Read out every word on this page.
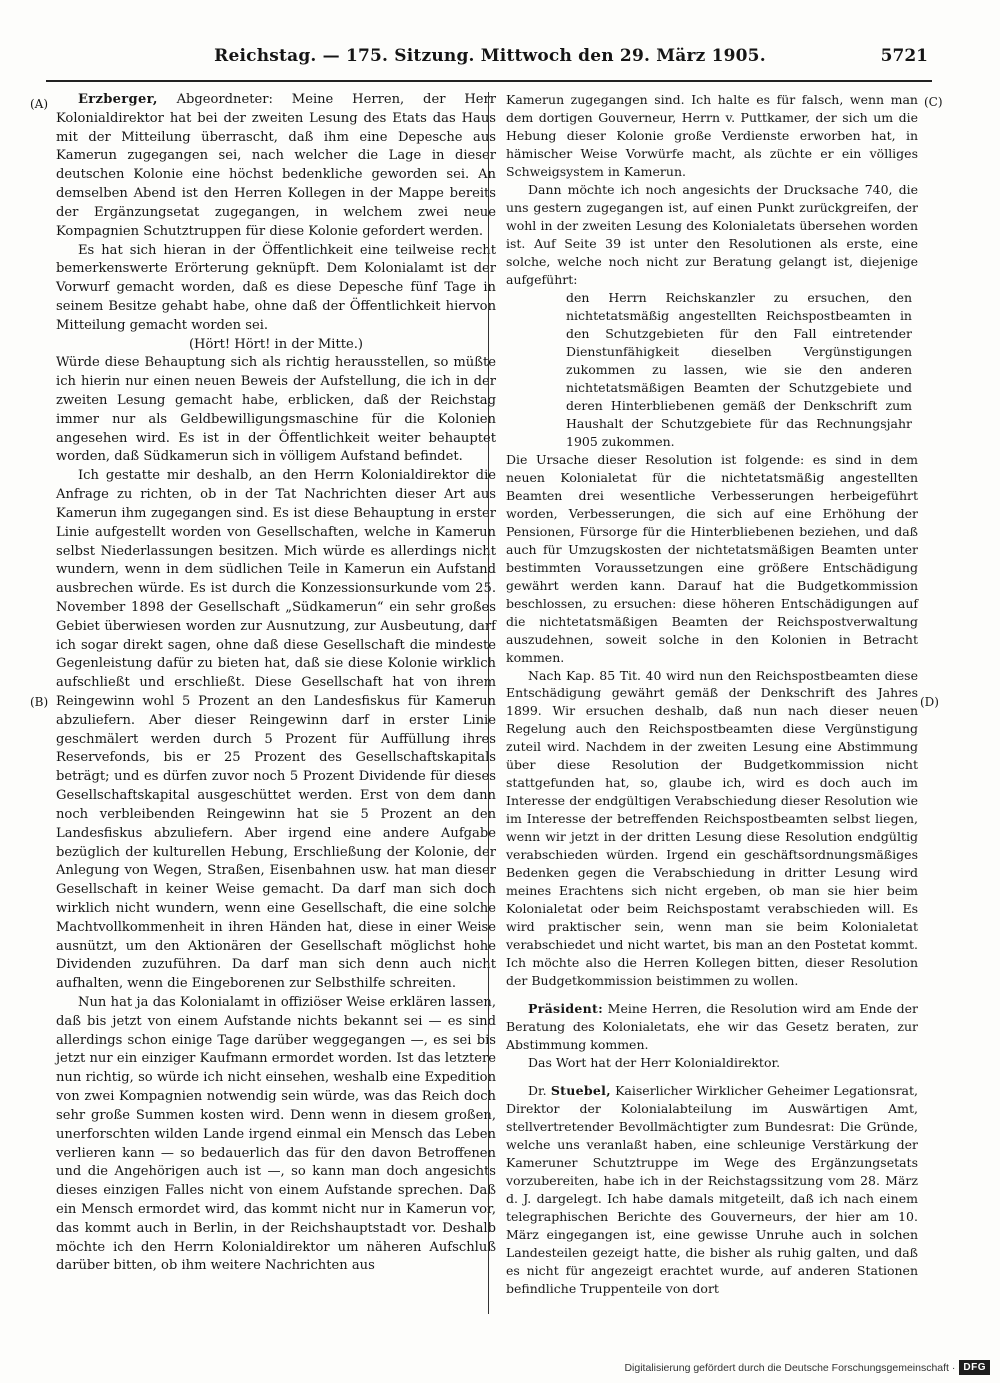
Reichstag. — 175. Sitzung. Mittwoch den 29. März 1905.	5721
(A)
(B)
(C)
(D)

Erzberger, Abgeordneter: Meine Herren, der Herr Kolonialdirektor hat bei der zweiten Lesung des Etats das Haus mit der Mitteilung überrascht, daß ihm eine Depesche aus Kamerun zugegangen sei, nach welcher die Lage in dieser deutschen Kolonie eine höchst bedenkliche geworden sei. An demselben Abend ist den Herren Kollegen in der Mappe bereits der Ergänzungsetat zugegangen, in welchem zwei neue Kompagnien Schutztruppen für diese Kolonie gefordert werden.

Es hat sich hieran in der Öffentlichkeit eine teilweise recht bemerkenswerte Erörterung geknüpft. Dem Kolonialamt ist der Vorwurf gemacht worden, daß es diese Depesche fünf Tage in seinem Besitze gehabt habe, ohne daß der Öffentlichkeit hiervon Mitteilung gemacht worden sei.

(Hört! Hört! in der Mitte.)

Würde diese Behauptung sich als richtig herausstellen, so müßte ich hierin nur einen neuen Beweis der Aufstellung, die ich in der zweiten Lesung gemacht habe, erblicken, daß der Reichstag immer nur als Geldbewilligungsmaschine für die Kolonien angesehen wird. Es ist in der Öffentlichkeit weiter behauptet worden, daß Südkamerun sich in völligem Aufstand befindet.

Ich gestatte mir deshalb, an den Herrn Kolonialdirektor die Anfrage zu richten, ob in der Tat Nachrichten dieser Art aus Kamerun ihm zugegangen sind. Es ist diese Behauptung in erster Linie aufgestellt worden von Gesellschaften, welche in Kamerun selbst Niederlassungen besitzen. Mich würde es allerdings nicht wundern, wenn in dem südlichen Teile in Kamerun ein Aufstand ausbrechen würde. Es ist durch die Konzessionsurkunde vom 25. November 1898 der Gesellschaft „Südkamerun“ ein sehr großes Gebiet überwiesen worden zur Ausnutzung, zur Ausbeutung, darf ich sogar direkt sagen, ohne daß diese Gesellschaft die mindeste Gegenleistung dafür zu bieten hat, daß sie diese Kolonie wirklich aufschließt und erschließt. Diese Gesellschaft hat von ihrem Reingewinn wohl 5 Prozent an den Landesfiskus für Kamerun abzuliefern. Aber dieser Reingewinn darf in erster Linie geschmälert werden durch 5 Prozent für Auffüllung ihres Reservefonds, bis er 25 Prozent des Gesellschaftskapitals beträgt; und es dürfen zuvor noch 5 Prozent Dividende für dieses Gesellschaftskapital ausgeschüttet werden. Erst von dem dann noch verbleibenden Reingewinn hat sie 5 Prozent an den Landesfiskus abzuliefern. Aber irgend eine andere Aufgabe bezüglich der kulturellen Hebung, Erschließung der Kolonie, der Anlegung von Wegen, Straßen, Eisenbahnen usw. hat man dieser Gesellschaft in keiner Weise gemacht. Da darf man sich doch wirklich nicht wundern, wenn eine Gesellschaft, die eine solche Machtvollkommenheit in ihren Händen hat, diese in einer Weise ausnützt, um den Aktionären der Gesellschaft möglichst hohe Dividenden zuzuführen. Da darf man sich denn auch nicht aufhalten, wenn die Eingeborenen zur Selbsthilfe schreiten.

Nun hat ja das Kolonialamt in offiziöser Weise erklären lassen, daß bis jetzt von einem Aufstande nichts bekannt sei — es sind allerdings schon einige Tage darüber weggegangen —, es sei bis jetzt nur ein einziger Kaufmann ermordet worden. Ist das letztere nun richtig, so würde ich nicht einsehen, weshalb eine Expedition von zwei Kompagnien notwendig sein würde, was das Reich doch sehr große Summen kosten wird. Denn wenn in diesem großen, unerforschten wilden Lande irgend einmal ein Mensch das Leben verlieren kann — so bedauerlich das für den davon Betroffenen und die Angehörigen auch ist —, so kann man doch angesichts dieses einzigen Falles nicht von einem Aufstande sprechen. Daß ein Mensch ermordet wird, das kommt nicht nur in Kamerun vor, das kommt auch in Berlin, in der Reichshauptstadt vor. Deshalb möchte ich den Herrn Kolonialdirektor um näheren Aufschluß darüber bitten, ob ihm weitere Nachrichten aus

Kamerun zugegangen sind. Ich halte es für falsch, wenn man dem dortigen Gouverneur, Herrn v. Puttkamer, der sich um die Hebung dieser Kolonie große Verdienste erworben hat, in hämischer Weise Vorwürfe macht, als züchte er ein völliges Schweigsystem in Kamerun.

Dann möchte ich noch angesichts der Drucksache 740, die uns gestern zugegangen ist, auf einen Punkt zurückgreifen, der wohl in der zweiten Lesung des Kolonialetats übersehen worden ist. Auf Seite 39 ist unter den Resolutionen als erste, eine solche, welche noch nicht zur Beratung gelangt ist, diejenige aufgeführt:

den Herrn Reichskanzler zu ersuchen, den nichtetatsmäßig angestellten Reichspostbeamten in den Schutzgebieten für den Fall eintretender Dienstunfähigkeit dieselben Vergünstigungen zukommen zu lassen, wie sie den anderen nichtetatsmäßigen Beamten der Schutzgebiete und deren Hinterbliebenen gemäß der Denkschrift zum Haushalt der Schutzgebiete für das Rechnungsjahr 1905 zukommen.

Die Ursache dieser Resolution ist folgende: es sind in dem neuen Kolonialetat für die nichtetatsmäßig angestellten Beamten drei wesentliche Verbesserungen herbeigeführt worden, Verbesserungen, die sich auf eine Erhöhung der Pensionen, Fürsorge für die Hinterbliebenen beziehen, und daß auch für Umzugskosten der nichtetatsmäßigen Beamten unter bestimmten Voraussetzungen eine größere Entschädigung gewährt werden kann. Darauf hat die Budgetkommission beschlossen, zu ersuchen: diese höheren Entschädigungen auf die nichtetatsmäßigen Beamten der Reichspostverwaltung auszudehnen, soweit solche in den Kolonien in Betracht kommen.

Nach Kap. 85 Tit. 40 wird nun den Reichspostbeamten diese Entschädigung gewährt gemäß der Denkschrift des Jahres 1899. Wir ersuchen deshalb, daß nun nach dieser neuen Regelung auch den Reichspostbeamten diese Vergünstigung zuteil wird. Nachdem in der zweiten Lesung eine Abstimmung über diese Resolution der Budgetkommission nicht stattgefunden hat, so, glaube ich, wird es doch auch im Interesse der endgültigen Verabschiedung dieser Resolution wie im Interesse der betreffenden Reichspostbeamten selbst liegen, wenn wir jetzt in der dritten Lesung diese Resolution endgültig verabschieden würden. Irgend ein geschäftsordnungsmäßiges Bedenken gegen die Verabschiedung in dritter Lesung wird meines Erachtens sich nicht ergeben, ob man sie hier beim Kolonialetat oder beim Reichspostamt verabschieden will. Es wird praktischer sein, wenn man sie beim Kolonialetat verabschiedet und nicht wartet, bis man an den Postetat kommt. Ich möchte also die Herren Kollegen bitten, dieser Resolution der Budgetkommission beistimmen zu wollen.

Präsident: Meine Herren, die Resolution wird am Ende der Beratung des Kolonialetats, ehe wir das Gesetz beraten, zur Abstimmung kommen.

Das Wort hat der Herr Kolonialdirektor.

Dr. Stuebel, Kaiserlicher Wirklicher Geheimer Legationsrat, Direktor der Kolonialabteilung im Auswärtigen Amt, stellvertretender Bevollmächtigter zum Bundesrat: Die Gründe, welche uns veranlaßt haben, eine schleunige Verstärkung der Kameruner Schutztruppe im Wege des Ergänzungsetats vorzubereiten, habe ich in der Reichstagssitzung vom 28. März d. J. dargelegt. Ich habe damals mitgeteilt, daß ich nach einem telegraphischen Berichte des Gouverneurs, der hier am 10. März eingegangen ist, eine gewisse Unruhe auch in solchen Landesteilen gezeigt hatte, die bisher als ruhig galten, und daß es nicht für angezeigt erachtet wurde, auf anderen Stationen befindliche Truppenteile von dort

Digitalisierung gefördert durch die Deutsche Forschungsgemeinschaft · DFG
